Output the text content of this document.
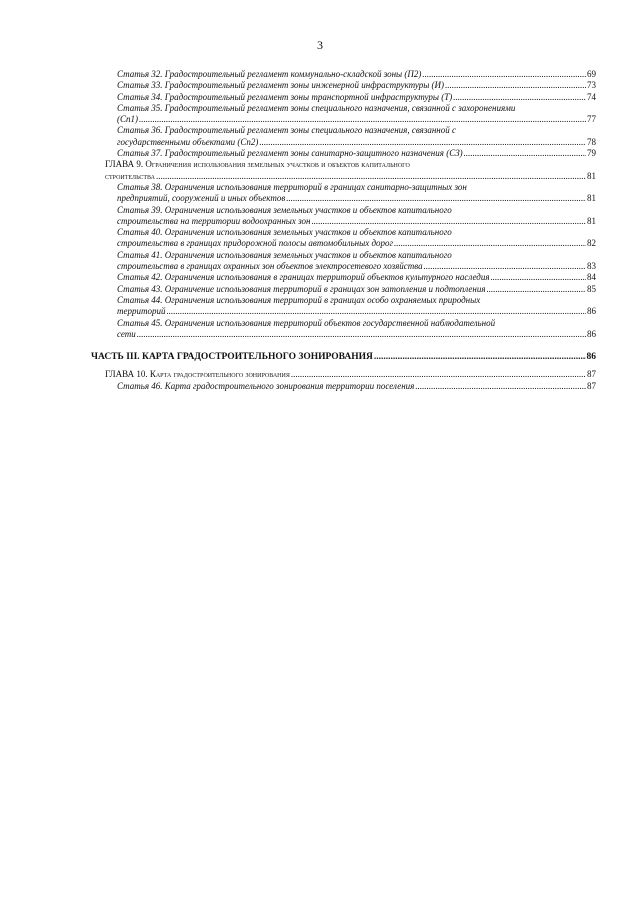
3
Статья 32. Градостроительный регламент коммунально-складской зоны (П2) .....	69
Статья 33. Градостроительный регламент зоны инженерной инфраструктуры (И) .....	73
Статья 34. Градостроительный регламент зоны транспортной инфраструктуры (Т) .....	74
Статья 35. Градостроительный регламент зоны специального назначения, связанной с захоронениями
(Сп1) .....	77
Статья 36. Градостроительный регламент зоны специального назначения, связанной с
государственными объектами (Сп2) .....	78
Статья 37. Градостроительный регламент зоны санитарно-защитного назначения (СЗ) .....	79
ГЛАВА 9. Ограничения использования земельных участков и объектов капитального
строительства .....	81
Статья 38. Ограничения использования территорий в границах санитарно-защитных зон
предприятий, сооружений и иных объектов .....	81
Статья 39. Ограничения использования земельных участков и объектов капитального
строительства на территории водоохранных зон .....	81
Статья 40. Ограничения использования земельных участков и объектов капитального
строительства в границах придорожной полосы автомобильных дорог .....	82
Статья 41. Ограничения использования земельных участков и объектов капитального
строительства в границах охранных зон объектов электросетевого хозяйства .....	83
Статья 42. Ограничения использования в границах территорий объектов культурного наследия .....	84
Статья 43. Ограничение использования территорий в границах зон затопления и подтопления .....	85
Статья 44. Ограничения использования территорий в границах особо охраняемых природных
территорий .....	86
Статья 45. Ограничения использования территорий объектов государственной наблюдательной
сети .....	86
ЧАСТЬ III. КАРТА ГРАДОСТРОИТЕЛЬНОГО ЗОНИРОВАНИЯ .....	86
ГЛАВА 10. Карта градостроительного зонирования .....	87
Статья 46. Карта градостроительного зонирования территории поселения .....	87
